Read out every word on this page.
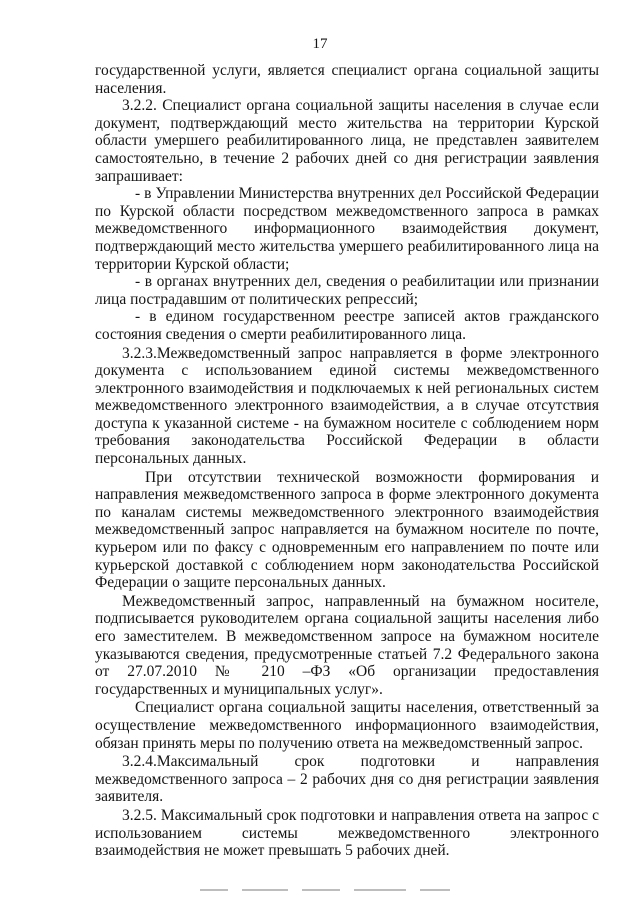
17

государственной услуги, является специалист органа социальной защиты населения.

3.2.2. Специалист органа социальной защиты населения в случае если документ, подтверждающий место жительства на территории Курской области умершего реабилитированного лица, не представлен заявителем самостоятельно, в течение 2 рабочих дней со дня регистрации заявления запрашивает:

- в Управлении Министерства внутренних дел Российской Федерации по Курской области посредством межведомственного запроса в рамках межведомственного информационного взаимодействия документ, подтверждающий место жительства умершего реабилитированного лица на территории Курской области;

- в органах внутренних дел, сведения о реабилитации или признании лица пострадавшим от политических репрессий;

- в едином государственном реестре записей актов гражданского состояния сведения о смерти реабилитированного лица.

3.2.3.Межведомственный запрос направляется в форме электронного документа с использованием единой системы межведомственного электронного взаимодействия и подключаемых к ней региональных систем межведомственного электронного взаимодействия, а в случае отсутствия доступа к указанной системе - на бумажном носителе с соблюдением норм требования законодательства Российской Федерации в области персональных данных.

При отсутствии технической возможности формирования и направления межведомственного запроса в форме электронного документа по каналам системы межведомственного электронного взаимодействия межведомственный запрос направляется на бумажном носителе по почте, курьером или по факсу с одновременным его направлением по почте или курьерской доставкой с соблюдением норм законодательства Российской Федерации о защите персональных данных.

Межведомственный запрос, направленный на бумажном носителе, подписывается руководителем органа социальной защиты населения либо его заместителем. В межведомственном запросе на бумажном носителе указываются сведения, предусмотренные статьей 7.2 Федерального закона от 27.07.2010 № 210 –ФЗ «Об организации предоставления государственных и муниципальных услуг».

Специалист органа социальной защиты населения, ответственный за осуществление межведомственного информационного взаимодействия, обязан принять меры по получению ответа на межведомственный запрос.

3.2.4.Максимальный срок подготовки и направления межведомственного запроса – 2 рабочих дня со дня регистрации заявления заявителя.

3.2.5. Максимальный срок подготовки и направления ответа на запрос с использованием системы межведомственного электронного взаимодействия не может превышать 5 рабочих дней.
